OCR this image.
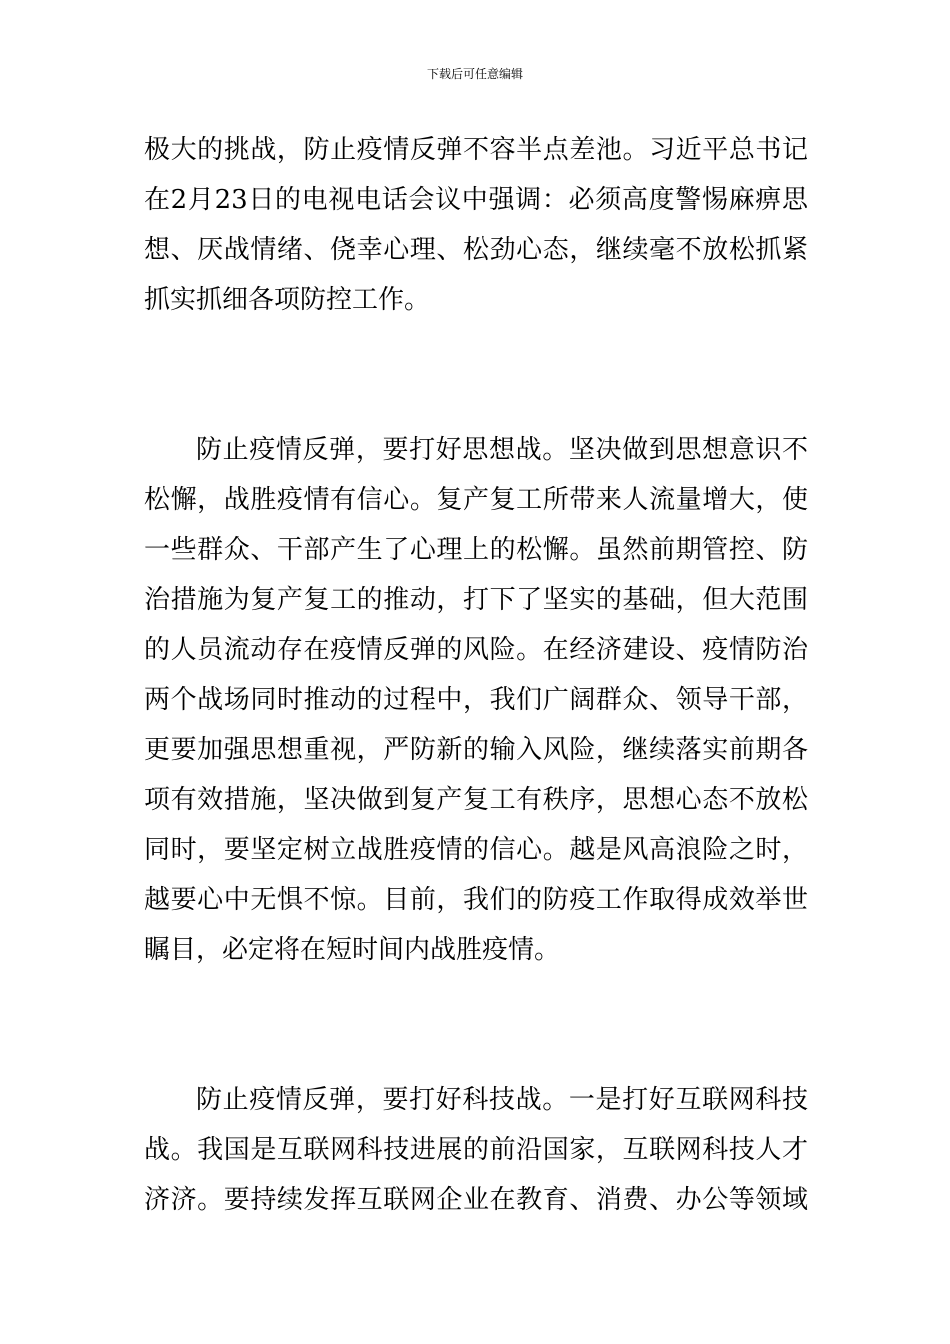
下载后可任意编辑
极大的挑战，防止疫情反弹不容半点差池。习近平总书记
在2月23日的电视电话会议中强调：必须高度警惕麻痹思
想、厌战情绪、侥幸心理、松劲心态，继续毫不放松抓紧
抓实抓细各项防控工作。
防止疫情反弹，要打好思想战。坚决做到思想意识不
松懈，战胜疫情有信心。复产复工所带来人流量增大，使
一些群众、干部产生了心理上的松懈。虽然前期管控、防
治措施为复产复工的推动，打下了坚实的基础，但大范围
的人员流动存在疫情反弹的风险。在经济建设、疫情防治
两个战场同时推动的过程中，我们广阔群众、领导干部，
更要加强思想重视，严防新的输入风险，继续落实前期各
项有效措施，坚决做到复产复工有秩序，思想心态不放松
同时，要坚定树立战胜疫情的信心。越是风高浪险之时，
越要心中无惧不惊。目前，我们的防疫工作取得成效举世
瞩目，必定将在短时间内战胜疫情。
防止疫情反弹，要打好科技战。一是打好互联网科技
战。我国是互联网科技进展的前沿国家，互联网科技人才
济济。要持续发挥互联网企业在教育、消费、办公等领域
